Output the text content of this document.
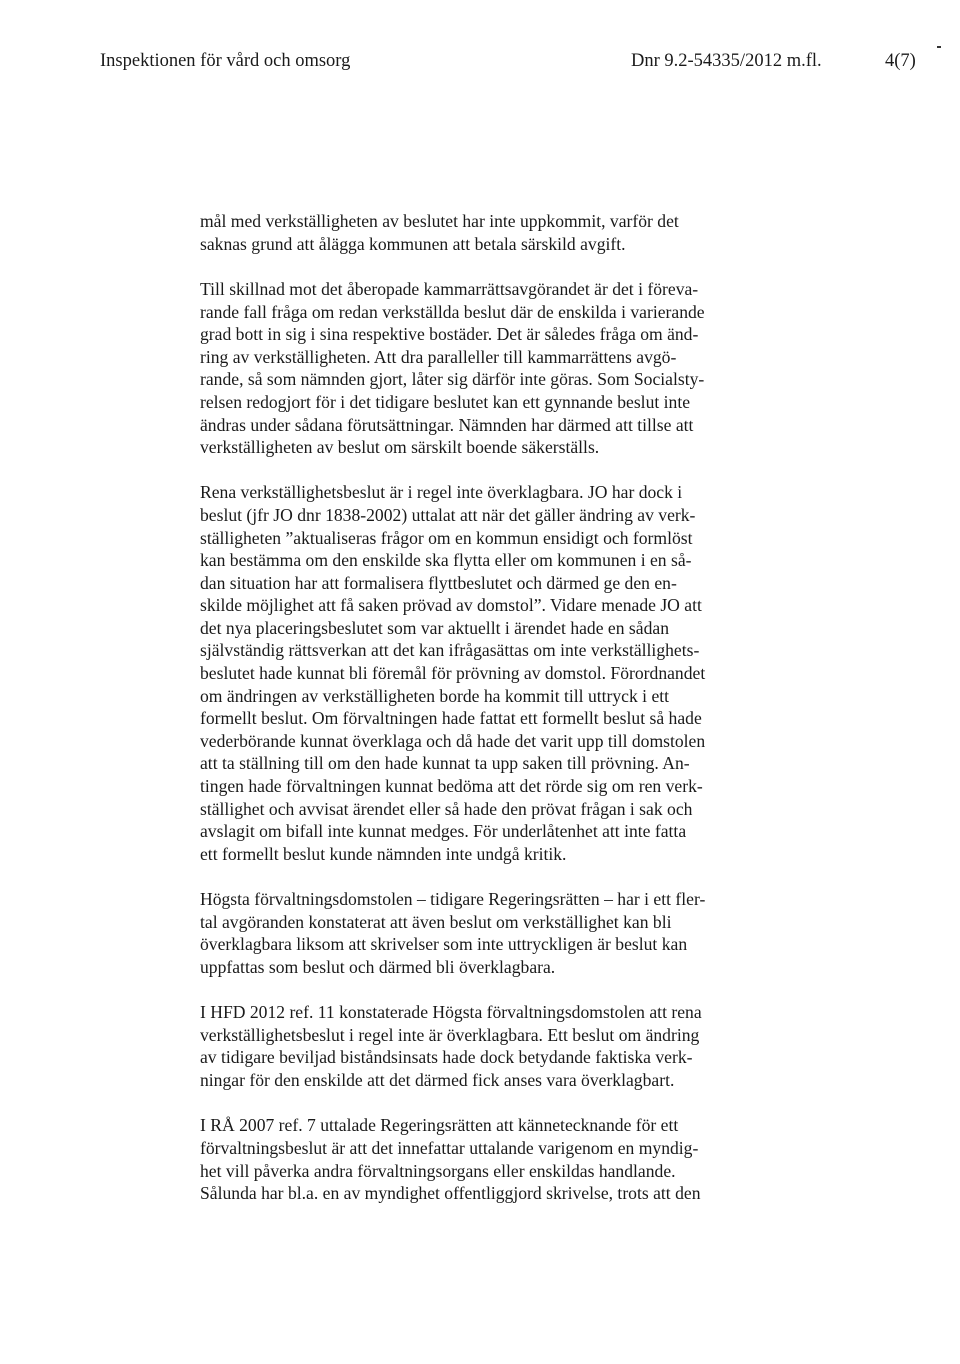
Inspektionen för vård och omsorg	Dnr 9.2-54335/2012 m.fl.	4(7)

mål med verkställigheten av beslutet har inte uppkommit, varför det
saknas grund att ålägga kommunen att betala särskild avgift.

Till skillnad mot det åberopade kammarrättsavgörandet är det i föreva-
rande fall fråga om redan verkställda beslut där de enskilda i varierande
grad bott in sig i sina respektive bostäder. Det är således fråga om änd-
ring av verkställigheten. Att dra paralleller till kammarrättens avgö-
rande, så som nämnden gjort, låter sig därför inte göras. Som Socialsty-
relsen redogjort för i det tidigare beslutet kan ett gynnande beslut inte
ändras under sådana förutsättningar. Nämnden har därmed att tillse att
verkställigheten av beslut om särskilt boende säkerställs.

Rena verkställighetsbeslut är i regel inte överklagbara. JO har dock i
beslut (jfr JO dnr 1838-2002) uttalat att när det gäller ändring av verk-
ställigheten ”aktualiseras frågor om en kommun ensidigt och formlöst
kan bestämma om den enskilde ska flytta eller om kommunen i en så-
dan situation har att formalisera flyttbeslutet och därmed ge den en-
skilde möjlighet att få saken prövad av domstol”. Vidare menade JO att
det nya placeringsbeslutet som var aktuellt i ärendet hade en sådan
självständig rättsverkan att det kan ifrågasättas om inte verkställighets-
beslutet hade kunnat bli föremål för prövning av domstol. Förordnandet
om ändringen av verkställigheten borde ha kommit till uttryck i ett
formellt beslut. Om förvaltningen hade fattat ett formellt beslut så hade
vederbörande kunnat överklaga och då hade det varit upp till domstolen
att ta ställning till om den hade kunnat ta upp saken till prövning. An-
tingen hade förvaltningen kunnat bedöma att det rörde sig om ren verk-
ställighet och avvisat ärendet eller så hade den prövat frågan i sak och
avslagit om bifall inte kunnat medges. För underlåtenhet att inte fatta
ett formellt beslut kunde nämnden inte undgå kritik.

Högsta förvaltningsdomstolen – tidigare Regeringsrätten – har i ett fler-
tal avgöranden konstaterat att även beslut om verkställighet kan bli
överklagbara liksom att skrivelser som inte uttryckligen är beslut kan
uppfattas som beslut och därmed bli överklagbara.

I HFD 2012 ref. 11 konstaterade Högsta förvaltningsdomstolen att rena
verkställighetsbeslut i regel inte är överklagbara. Ett beslut om ändring
av tidigare beviljad biståndsinsats hade dock betydande faktiska verk-
ningar för den enskilde att det därmed fick anses vara överklagbart.

I RÅ 2007 ref. 7 uttalade Regeringsrätten att kännetecknande för ett
förvaltningsbeslut är att det innefattar uttalande varigenom en myndig-
het vill påverka andra förvaltningsorgans eller enskildas handlande.
Sålunda har bl.a. en av myndighet offentliggjord skrivelse, trots att den
